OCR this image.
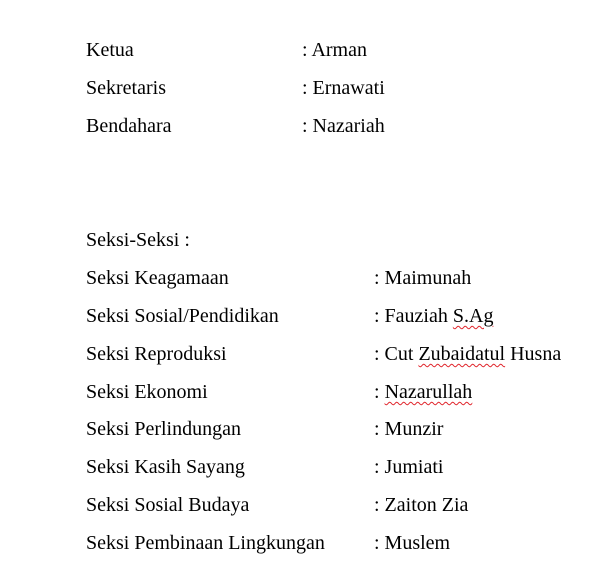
Ketua	: Arman
Sekretaris	: Ernawati
Bendahara	: Nazariah
Seksi-Seksi :
Seksi Keagamaan	: Maimunah
Seksi Sosial/Pendidikan	: Fauziah S.Ag
Seksi Reproduksi	: Cut Zubaidatul Husna
Seksi Ekonomi	: Nazarullah
Seksi Perlindungan	: Munzir
Seksi Kasih Sayang	: Jumiati
Seksi Sosial Budaya	: Zaiton Zia
Seksi Pembinaan Lingkungan : Muslem
